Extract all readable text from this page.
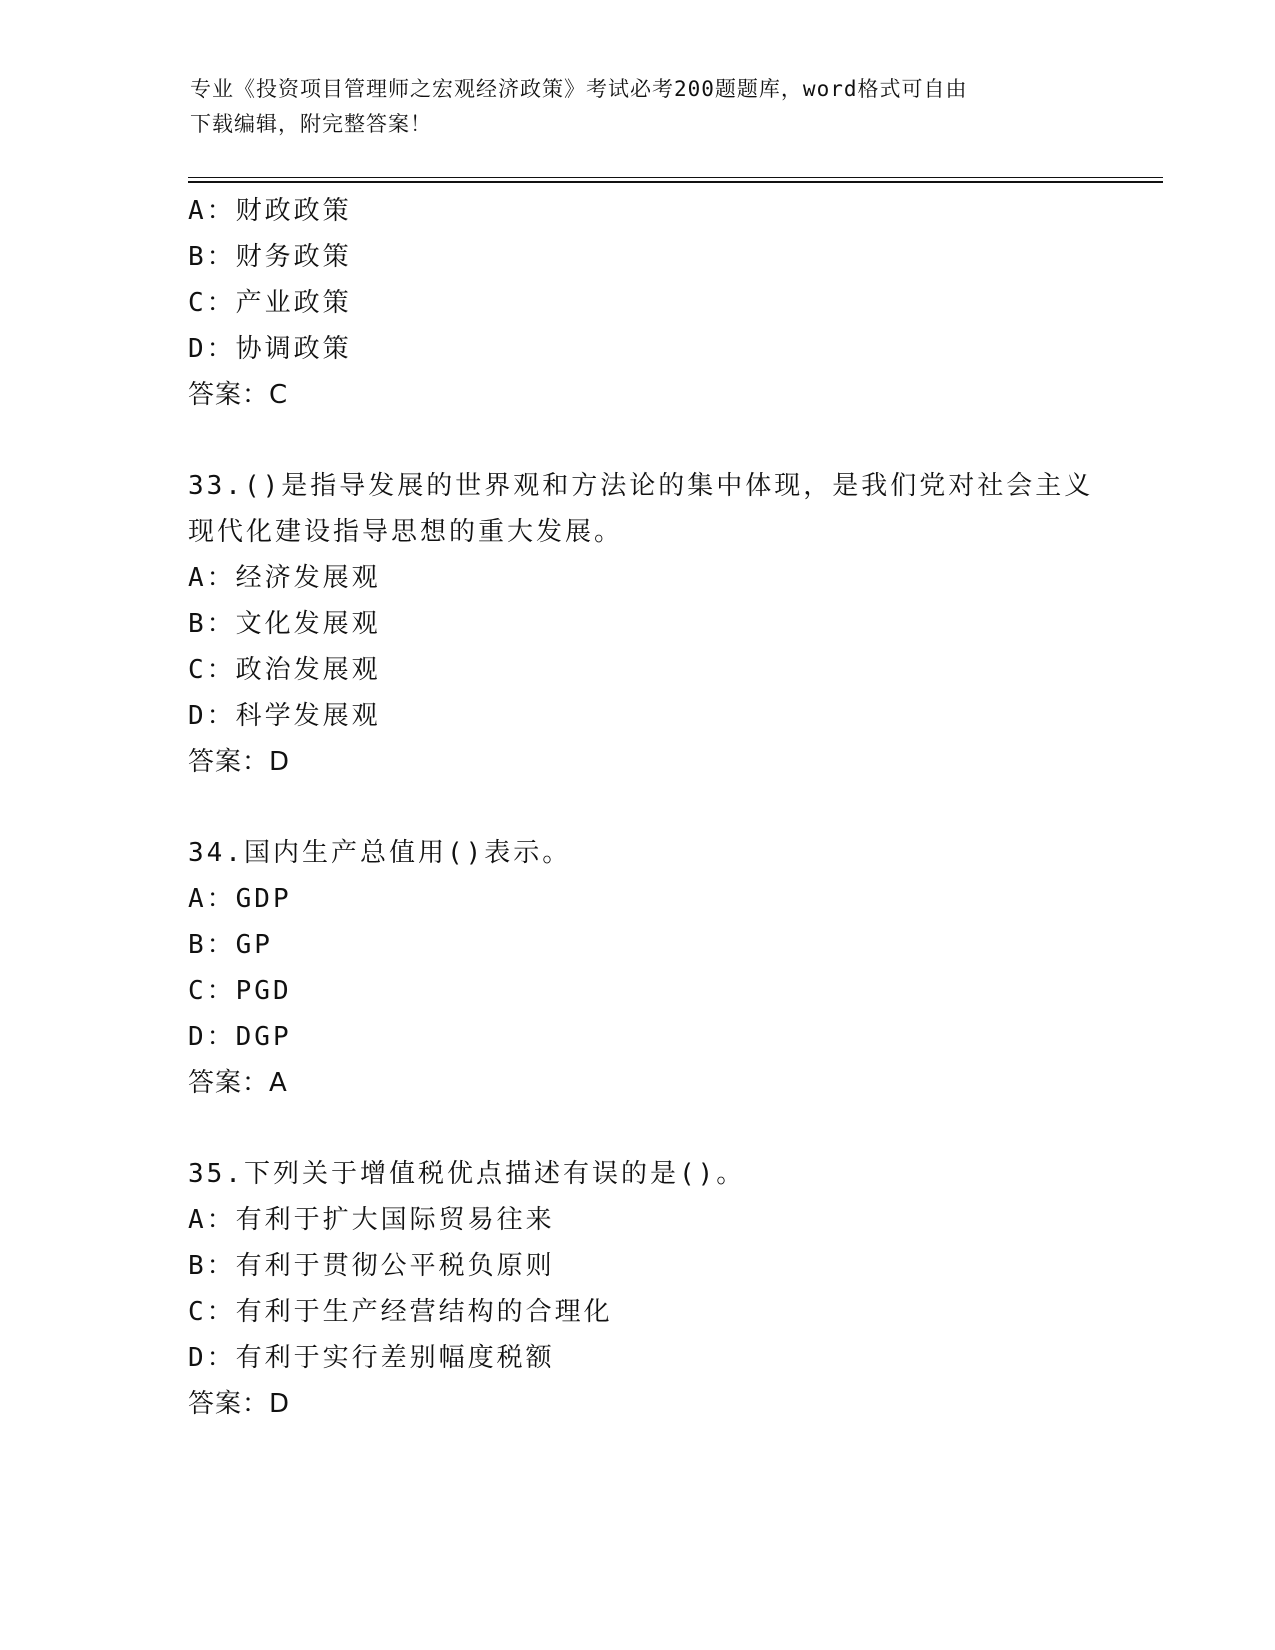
专业《投资项目管理师之宏观经济政策》考试必考200题题库，word格式可自由
下载编辑，附完整答案！
A：财政政策
B：财务政策
C：产业政策
D：协调政策
答案：C
33.()是指导发展的世界观和方法论的集中体现，是我们党对社会主义
现代化建设指导思想的重大发展。
A：经济发展观
B：文化发展观
C：政治发展观
D：科学发展观
答案：D
34.国内生产总值用()表示。
A：GDP
B：GP
C：PGD
D：DGP
答案：A
35.下列关于增值税优点描述有误的是()。
A：有利于扩大国际贸易往来
B：有利于贯彻公平税负原则
C：有利于生产经营结构的合理化
D：有利于实行差别幅度税额
答案：D
